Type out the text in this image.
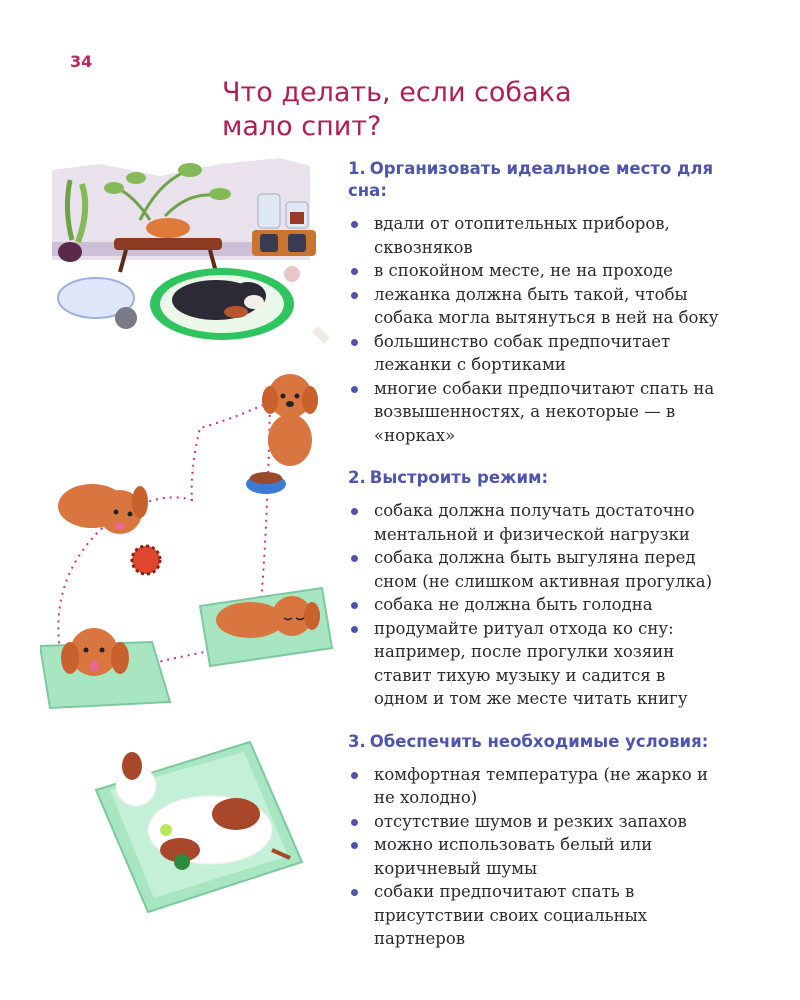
34
Что делать, если собака
мало спит?
1. Организовать идеальное место для сна:
вдали от отопительных приборов, сквозняков
в спокойном месте, не на проходе
лежанка должна быть такой, чтобы собака могла вытянуться в ней на боку
большинство собак предпочитает лежанки с бортиками
многие собаки предпочитают спать на возвышенностях, а некоторые — в «норках»
2. Выстроить режим:
собака должна получать достаточно ментальной и физической нагрузки
собака должна быть выгуляна перед сном (не слишком активная прогулка)
собака не должна быть голодна
продумайте ритуал отхода ко сну: например, после прогулки хозяин ставит тихую музыку и садится в одном и том же месте читать книгу
3. Обеспечить необходимые условия:
комфортная температура (не жарко и не холодно)
отсутствие шумов и резких запахов
можно использовать белый или коричневый шумы
собаки предпочитают спать в присутствии своих социальных партнеров
